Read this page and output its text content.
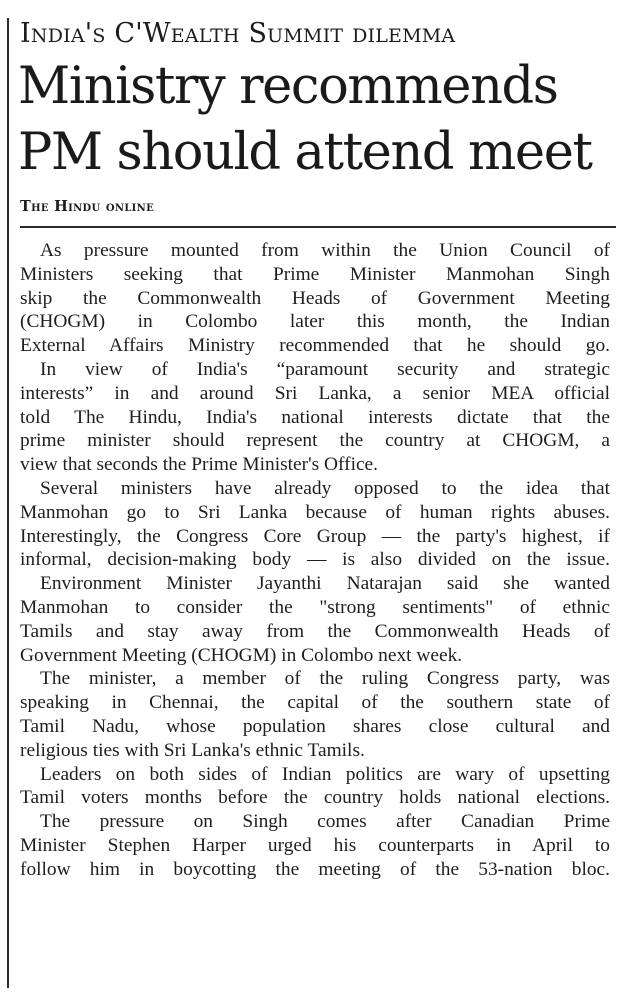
India's C'Wealth Summit dilemma
Ministry recommends
PM should attend meet
The Hindu online
As pressure mounted from within the Union Council of
Ministers seeking that Prime Minister Manmohan Singh
skip the Commonwealth Heads of Government Meeting
(CHOGM) in Colombo later this month, the Indian
External Affairs Ministry recommended that he should go.
In view of India's “paramount security and strategic
interests” in and around Sri Lanka, a senior MEA official
told The Hindu, India's national interests dictate that the
prime minister should represent the country at CHOGM, a
view that seconds the Prime Minister's Office.
Several ministers have already opposed to the idea that
Manmohan go to Sri Lanka because of human rights abuses.
Interestingly, the Congress Core Group — the party's highest, if
informal, decision-making body — is also divided on the issue.
Environment Minister Jayanthi Natarajan said she wanted
Manmohan to consider the "strong sentiments" of ethnic
Tamils and stay away from the Commonwealth Heads of
Government Meeting (CHOGM) in Colombo next week.
The minister, a member of the ruling Congress party, was
speaking in Chennai, the capital of the southern state of
Tamil Nadu, whose population shares close cultural and
religious ties with Sri Lanka's ethnic Tamils.
Leaders on both sides of Indian politics are wary of upsetting
Tamil voters months before the country holds national elections.
The pressure on Singh comes after Canadian Prime
Minister Stephen Harper urged his counterparts in April to
follow him in boycotting the meeting of the 53-nation bloc.
